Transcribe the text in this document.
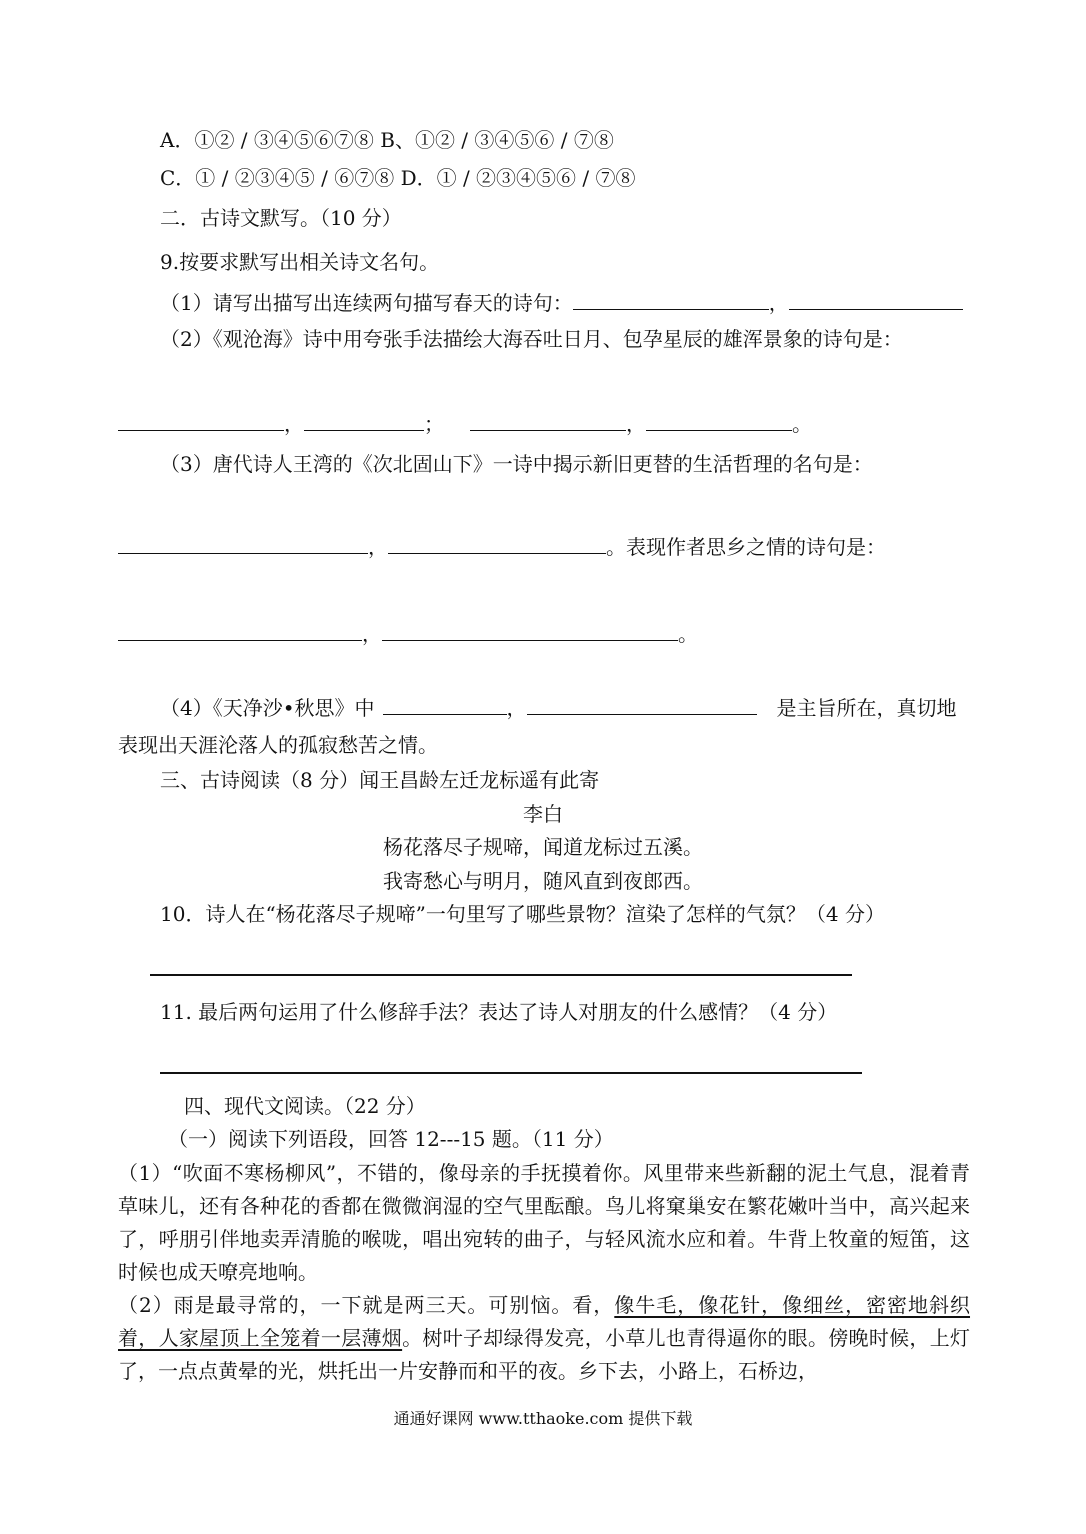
A．①② / ③④⑤⑥⑦⑧ B、①② / ③④⑤⑥ / ⑦⑧
C．① / ②③④⑤ / ⑥⑦⑧ D．① / ②③④⑤⑥ / ⑦⑧
二．古诗文默写。（10 分）
9.按要求默写出相关诗文名句。
（1）请写出描写出连续两句描写春天的诗句：	，
（2）《观沧海》诗中用夸张手法描绘大海吞吐日月、包孕星辰的雄浑景象的诗句是：
，	；	，	。
（3）唐代诗人王湾的《次北固山下》一诗中揭示新旧更替的生活哲理的名句是：
，	。表现作者思乡之情的诗句是：
，	。
（4）《天净沙•秋思》中	，	是主旨所在，真切地
表现出天涯沦落人的孤寂愁苦之情。
三、古诗阅读（8 分）闻王昌龄左迁龙标遥有此寄
李白
杨花落尽子规啼，闻道龙标过五溪。
我寄愁心与明月，随风直到夜郎西。
10．诗人在“杨花落尽子规啼”一句里写了哪些景物？渲染了怎样的气氛？（4 分）
11. 最后两句运用了什么修辞手法？表达了诗人对朋友的什么感情？（4 分）
四、现代文阅读。（22 分）
（一）阅读下列语段，回答 12---15 题。（11 分）
（1）“吹面不寒杨柳风”，不错的，像母亲的手抚摸着你。风里带来些新翻的泥土气息，混着青草味儿，还有各种花的香都在微微润湿的空气里酝酿。鸟儿将窠巢安在繁花嫩叶当中，高兴起来了，呼朋引伴地卖弄清脆的喉咙，唱出宛转的曲子，与轻风流水应和着。牛背上牧童的短笛，这时候也成天嘹亮地响。
（2）雨是最寻常的，一下就是两三天。可别恼。看，像牛毛，像花针，像细丝，密密地斜织着，人家屋顶上全笼着一层薄烟。树叶子却绿得发亮，小草儿也青得逼你的眼。傍晚时候，上灯了，一点点黄晕的光，烘托出一片安静而和平的夜。乡下去，小路上，石桥边，
通通好课网 www.tthaoke.com 提供下载
